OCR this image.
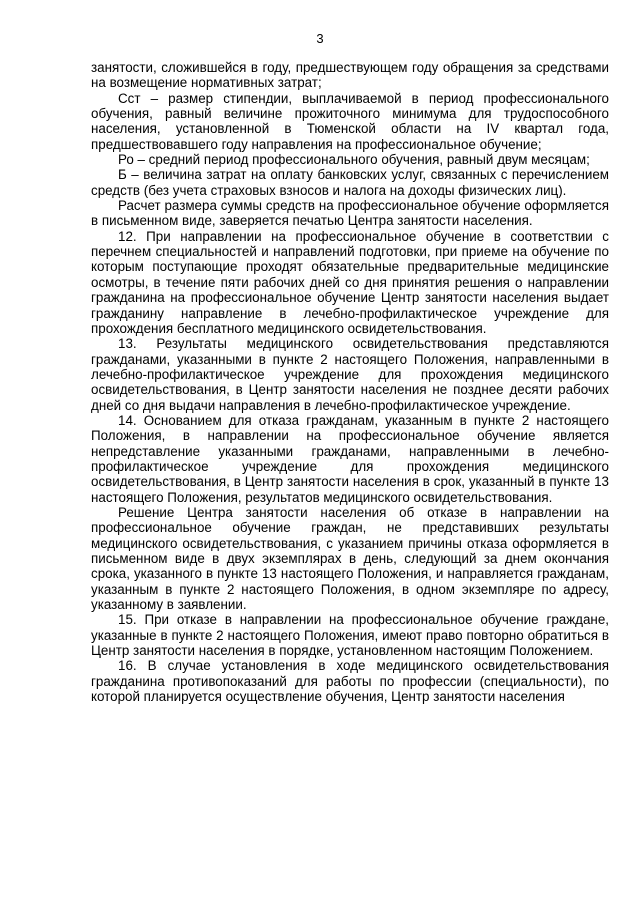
3

занятости, сложившейся в году, предшествующем году обращения за средствами на возмещение нормативных затрат;

Сст – размер стипендии, выплачиваемой в период профессионального обучения, равный величине прожиточного минимума для трудоспособного населения, установленной в Тюменской области на IV квартал года, предшествовавшего году направления на профессиональное обучение;

Ро – средний период профессионального обучения, равный двум месяцам;

Б – величина затрат на оплату банковских услуг, связанных с перечислением средств (без учета страховых взносов и налога на доходы физических лиц).

Расчет размера суммы средств на профессиональное обучение оформляется в письменном виде, заверяется печатью Центра занятости населения.

12. При направлении на профессиональное обучение в соответствии с перечнем специальностей и направлений подготовки, при приеме на обучение по которым поступающие проходят обязательные предварительные медицинские осмотры, в течение пяти рабочих дней со дня принятия решения о направлении гражданина на профессиональное обучение Центр занятости населения выдает гражданину направление в лечебно-профилактическое учреждение для прохождения бесплатного медицинского освидетельствования.

13. Результаты медицинского освидетельствования представляются гражданами, указанными в пункте 2 настоящего Положения, направленными в лечебно-профилактическое учреждение для прохождения медицинского освидетельствования, в Центр занятости населения не позднее десяти рабочих дней со дня выдачи направления в лечебно-профилактическое учреждение.

14. Основанием для отказа гражданам, указанным в пункте 2 настоящего Положения, в направлении на профессиональное обучение является непредставление указанными гражданами, направленными в лечебно-профилактическое учреждение для прохождения медицинского освидетельствования, в Центр занятости населения в срок, указанный в пункте 13 настоящего Положения, результатов медицинского освидетельствования.

Решение Центра занятости населения об отказе в направлении на профессиональное обучение граждан, не представивших результаты медицинского освидетельствования, с указанием причины отказа оформляется в письменном виде в двух экземплярах в день, следующий за днем окончания срока, указанного в пункте 13 настоящего Положения, и направляется гражданам, указанным в пункте 2 настоящего Положения, в одном экземпляре по адресу, указанному в заявлении.

15. При отказе в направлении на профессиональное обучение граждане, указанные в пункте 2 настоящего Положения, имеют право повторно обратиться в Центр занятости населения в порядке, установленном настоящим Положением.

16. В случае установления в ходе медицинского освидетельствования гражданина противопоказаний для работы по профессии (специальности), по которой планируется осуществление обучения, Центр занятости населения
